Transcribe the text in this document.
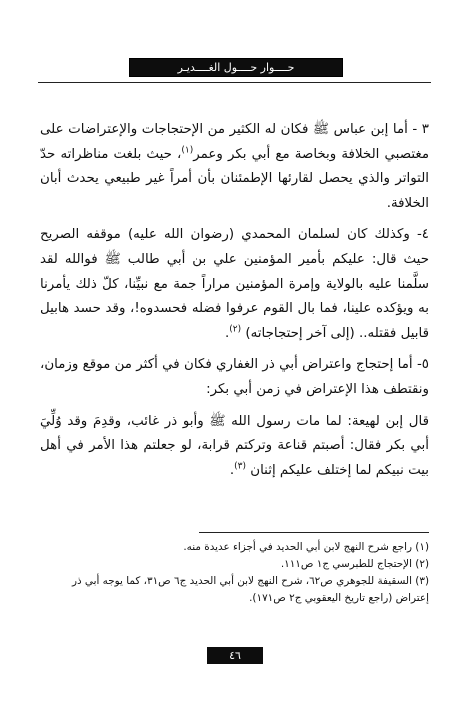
حــــوار حــــول الغــــديـر

٣ - أما إبن عباس ﷺ فكان له الكثير من الإحتجاجات والإعتراضات على مغتصبي الخلافة وبخاصة مع أبي بكر وعمر$^{(١)}$، حيث بلغت مناظراته حدّ التواتر والذي يحصل لقارئها الإطمئنان بأن أمراً غير طبيعي يحدث أبان الخلافة.

٤- وكذلك كان لسلمان المحمدي (رضوان الله عليه) موقفه الصريح حيث قال: عليكم بأمير المؤمنين علي بن أبي طالب ﷺ فوالله لقد سلَّمنا عليه بالولاية وإمرة المؤمنين مراراً جمة مع نبيِّنا، كلّ ذلك يأمرنا به ويؤكده علينا، فما بال القوم عرفوا فضله فحسدوه!، وقد حسد هابيل قابيل فقتله.. (إلى آخر إحتجاجاته) $^{(٢)}$.

٥- أما إحتجاج واعتراض أبي ذر الغفاري فكان في أكثر من موقع وزمان، ونقتطف هذا الإعتراض في زمن أبي بكر:

قال إبن لهيعة: لما مات رسول الله ﷺ وأبو ذر غائب، وقدِمَ وقد وُلِّيَ أبي بكر فقال: أصبتم قناعة وتركتم قرابة، لو جعلتم هذا الأمر في أهل بيت نبيكم لما إختلف عليكم إثنان $^{(٣)}$.

(١) راجع شرح النهج لابن أبي الحديد في أجزاء عديدة منه.

(٢) الإحتجاج للطبرسي ج١ ص١١١.

(٣) السقيفة للجوهري ص٦٢، شرح النهج لابن أبي الحديد ج٦ ص٣١، كما يوجه أبي ذر إعتراض (راجع تاريخ اليعقوبي ج٢ ص١٧١).

٤٦
